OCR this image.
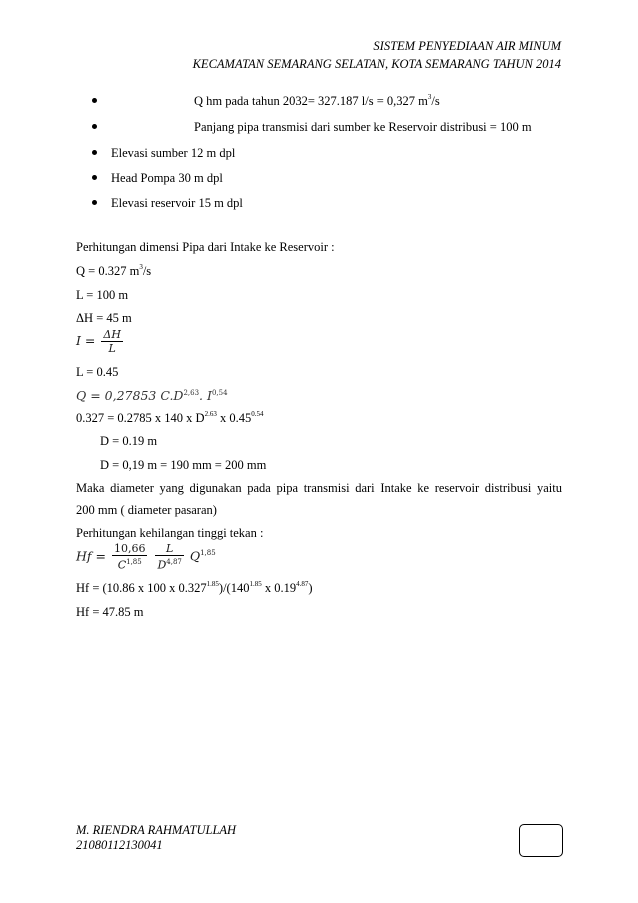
SISTEM PENYEDIAAN AIR MINUM
KECAMATAN SEMARANG SELATAN, KOTA SEMARANG TAHUN 2014
Q hm pada tahun 2032= 327.187 l/s = 0,327 $m^3/s$
Panjang pipa transmisi dari sumber ke Reservoir distribusi = 100 m
Elevasi sumber 12 m dpl
Head Pompa 30 m dpl
Elevasi reservoir 15 m dpl
Perhitungan dimensi Pipa dari Intake ke Reservoir :
Q = 0.327 $m^3/s$
L = 100 m
ΔH = 45 m
$I = \frac{\Delta H}{L}$
L = 0.45
Q = 0,27853 $C.D^{2,63}$. I$^{0,54}$
0.327 = 0.2785 x 140 x $D^{2.63}$ x $0.45^{0.54}$
D = 0.19 m
D = 0,19 m = 190 mm = 200 mm
Maka diameter yang digunakan pada pipa transmisi dari Intake ke reservoir distribusi yaitu
200 mm ( diameter pasaran)
Perhitungan kehilangan tinggi tekan :
$Hf = \frac{10,66}{C^{1,85}}$
$\frac{L}{D^{4,87}} Q^{1,85}$
Hf = (10.86 x 100 x $0.327^{1.85})/(140^{1.85}$ x $0.19^{4.87}$)
Hf = 47.85 m
M. RIENDRA RAHMATULLAH
21080112130041
